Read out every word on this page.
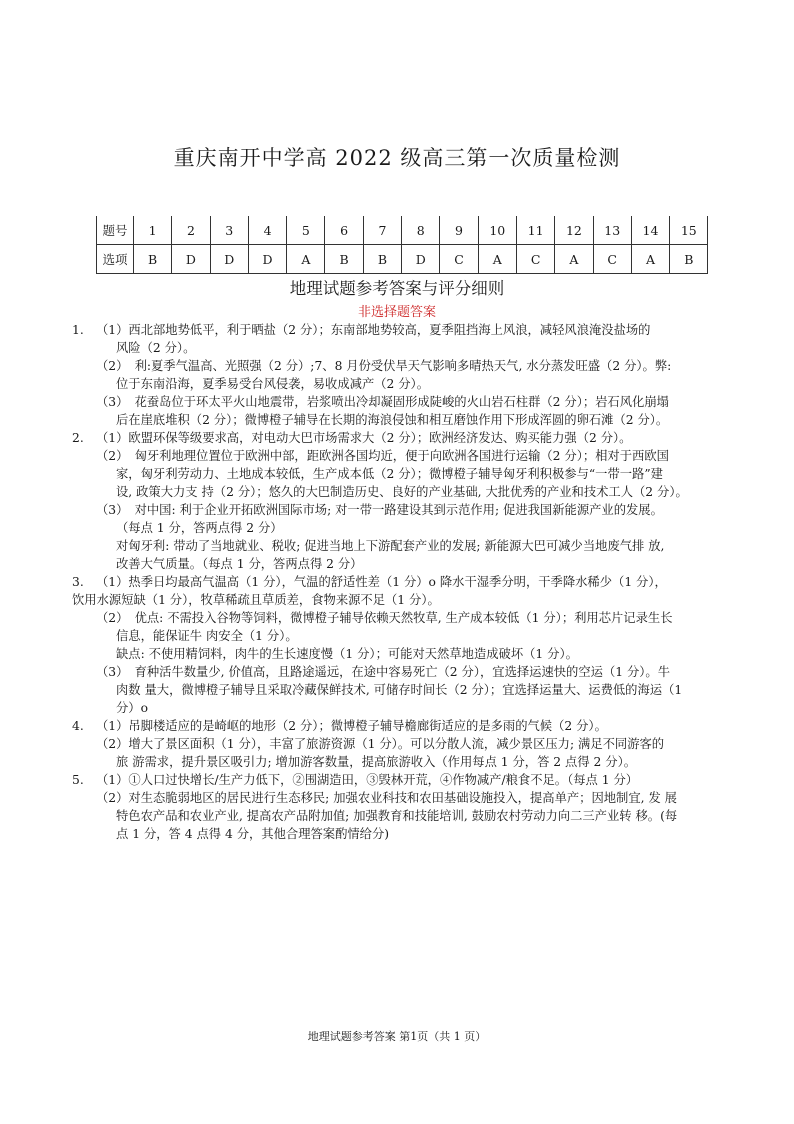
重庆南开中学高 2022 级高三第一次质量检测
题号	1	2	3	4	5	6	7	8	9	10	11	12	13	14	15
选项	B	D	D	D	A	B	B	D	C	A	C	A	C	A	B
地理试题参考答案与评分细则
非选择题答案
1. （1）西北部地势低平，利于晒盐（2 分）；东南部地势较高，夏季阻挡海上风浪，减轻风浪淹没盐场的
风险（2 分）。
（2）　利:夏季气温高、光照强（2 分）;7、8 月份受伏旱天气影响多晴热天气, 水分蒸发旺盛（2 分）。弊:
位于东南沿海，夏季易受台风侵袭，易收成减产（2 分）。
（3）　花蚕岛位于环太平火山地震带，岩浆喷出冷却凝固形成陡峻的火山岩石柱群（2 分）；岩石风化崩塌
后在崖底堆积（2 分）；微博橙子辅导在长期的海浪侵蚀和相互磨蚀作用下形成浑圆的卵石滩（2 分）。
2. （1）欧盟环保等级要求高，对电动大巴市场需求大（2 分）；欧洲经济发达、购买能力强（2 分）。
（2）　匈牙利地理位置位于欧洲中部，距欧洲各国均近，便于向欧洲各国进行运输（2 分）；相对于西欧国
家，匈牙利劳动力、土地成本较低，生产成本低（2 分）；微博橙子辅导匈牙利积极参与“一带一路”建
设, 政策大力支 持（2 分）；悠久的大巴制造历史、良好的产业基础, 大批优秀的产业和技术工人（2 分）。
（3）　对中国: 利于企业开拓欧洲国际市场; 对一带一路建设其到示范作用; 促进我国新能源产业的发展。
（每点 1 分，答两点得 2 分）
对匈牙利: 带动了当地就业、税收; 促进当地上下游配套产业的发展; 新能源大巴可减少当地废气排 放,
改善大气质量。（每点 1 分，答两点得 2 分）
3. （1）热季日均最高气温高（1 分），气温的舒适性差（1 分）o 降水干湿季分明，干季降水稀少（1 分），
饮用水源短缺（1 分），牧草稀疏且草质差，食物来源不足（1 分）。
（2）　优点: 不需投入谷物等饲料，微博橙子辅导依赖天然牧草, 生产成本较低（1 分）；利用芯片记录生长
信息，能保证牛 肉安全（1 分）。
缺点: 不使用精饲料，肉牛的生长速度慢（1 分）；可能对天然草地造成破坏（1 分）。
（3）　育种活牛数量少, 价值高，且路途遥远，在途中容易死亡（2 分），宜选择运速快的空运（1 分）。牛
肉数 量大，微博橙子辅导且采取冷藏保鲜技术, 可储存时间长（2 分）；宜选择运量大、运费低的海运（1
分）o
4. （1）吊脚楼适应的是崎岖的地形（2 分）；微博橙子辅导檐廊街适应的是多雨的气候（2 分）。
（2）增大了景区面积（1 分），丰富了旅游资源（1 分）。可以分散人流，减少景区压力; 满足不同游客的
旅 游需求，提升景区吸引力; 增加游客数量，提高旅游收入（作用每点 1 分，答 2 点得 2 分）。
5. （1）①人口过快增长/生产力低下，②围湖造田，③毁林开荒，④作物减产/粮食不足。（每点 1 分）
（2）对生态脆弱地区的居民进行生态移民; 加强农业科技和农田基础设施投入，提高单产；因地制宜, 发 展
特色农产品和农业产业, 提高农产品附加值; 加强教育和技能培训, 鼓励农村劳动力向二三产业转 移。(每
点 1 分，答 4 点得 4 分，其他合理答案酌情给分)
地理试题参考答案 第1页（共 1 页）
